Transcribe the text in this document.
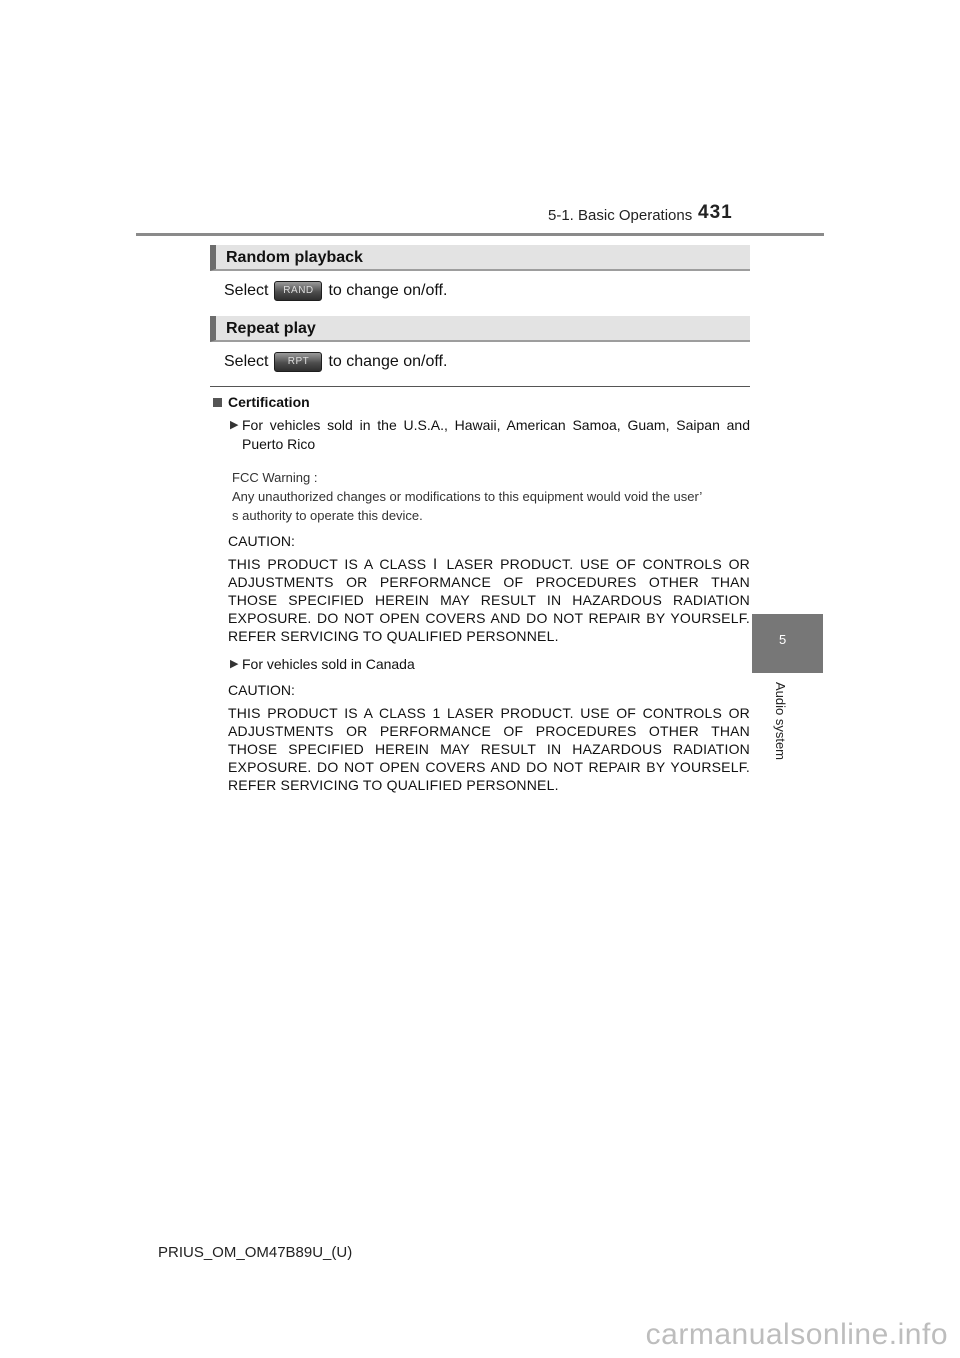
5-1. Basic Operations 431
5
Audio system
Random playback
Select	RAND to change on/off.
Repeat play
Select	RPT	to change on/off.
Certification
▶ For vehicles sold in the U.S.A., Hawaii, American Samoa, Guam, Saipan and Puerto Rico
FCC Warning :
Any unauthorized changes or modifications to this equipment would void the user’
s authority to operate this device.
CAUTION:
THIS PRODUCT IS A CLASS Ⅰ LASER PRODUCT. USE OF CONTROLS OR ADJUSTMENTS OR PERFORMANCE OF PROCEDURES OTHER THAN THOSE SPECIFIED HEREIN MAY RESULT IN HAZARDOUS RADIATION EXPOSURE. DO NOT OPEN COVERS AND DO NOT REPAIR BY YOURSELF. REFER SERVICING TO QUALIFIED PERSONNEL.
▶ For vehicles sold in Canada
CAUTION:
THIS PRODUCT IS A CLASS 1 LASER PRODUCT. USE OF CONTROLS OR ADJUSTMENTS OR PERFORMANCE OF PROCEDURES OTHER THAN THOSE SPECIFIED HEREIN MAY RESULT IN HAZARDOUS RADIATION EXPOSURE. DO NOT OPEN COVERS AND DO NOT REPAIR BY YOURSELF. REFER SERVICING TO QUALIFIED PERSONNEL.
PRIUS_OM_OM47B89U_(U)
carmanualsonline.info
